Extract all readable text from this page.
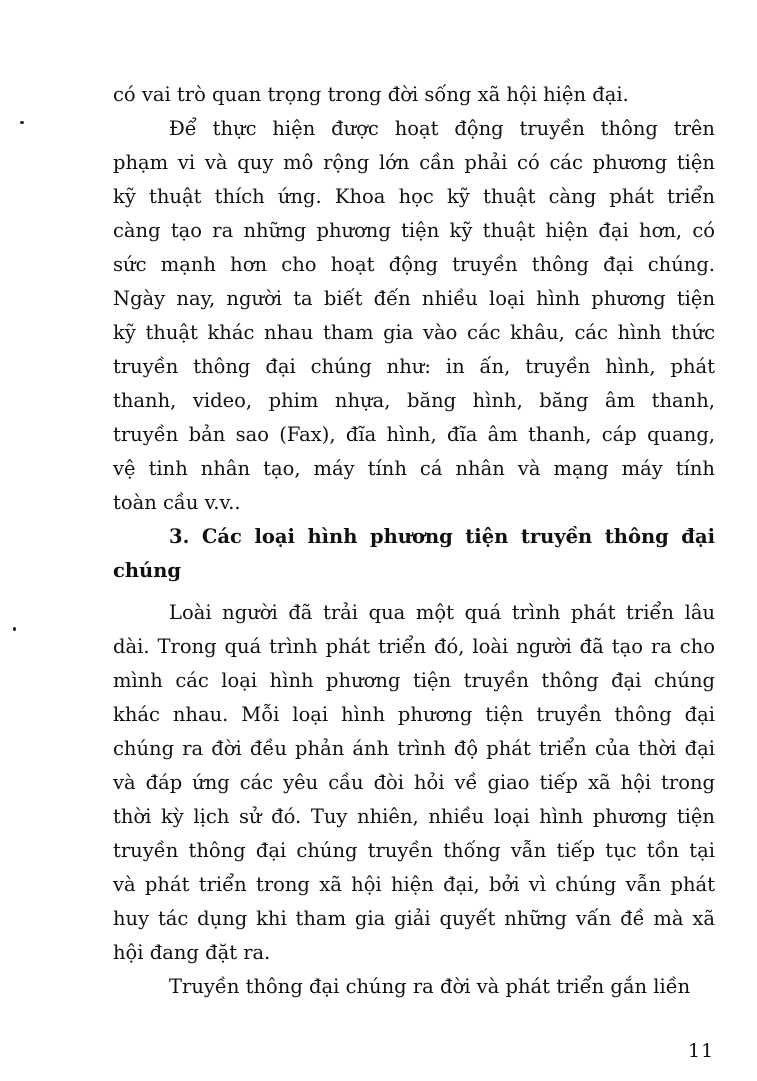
có vai trò quan trọng trong đời sống xã hội hiện đại.
Để thực hiện được hoạt động truyền thông trên
phạm vi và quy mô rộng lớn cần phải có các phương tiện
kỹ thuật thích ứng. Khoa học kỹ thuật càng phát triển
càng tạo ra những phương tiện kỹ thuật hiện đại hơn, có
sức mạnh hơn cho hoạt động truyền thông đại chúng.
Ngày nay, người ta biết đến nhiều loại hình phương tiện
kỹ thuật khác nhau tham gia vào các khâu, các hình thức
truyền thông đại chúng như: in ấn, truyền hình, phát
thanh, video, phim nhựa, băng hình, băng âm thanh,
truyền bản sao (Fax), đĩa hình, đĩa âm thanh, cáp quang,
vệ tinh nhân tạo, máy tính cá nhân và mạng máy tính
toàn cầu v.v..
3. Các loại hình phương tiện truyền thông đại
chúng
Loài người đã trải qua một quá trình phát triển lâu
dài. Trong quá trình phát triển đó, loài người đã tạo ra cho
mình các loại hình phương tiện truyền thông đại chúng
khác nhau. Mỗi loại hình phương tiện truyền thông đại
chúng ra đời đều phản ánh trình độ phát triển của thời đại
và đáp ứng các yêu cầu đòi hỏi về giao tiếp xã hội trong
thời kỳ lịch sử đó. Tuy nhiên, nhiều loại hình phương tiện
truyền thông đại chúng truyền thống vẫn tiếp tục tồn tại
và phát triển trong xã hội hiện đại, bởi vì chúng vẫn phát
huy tác dụng khi tham gia giải quyết những vấn đề mà xã
hội đang đặt ra.
Truyền thông đại chúng ra đời và phát triển gắn liền
11
